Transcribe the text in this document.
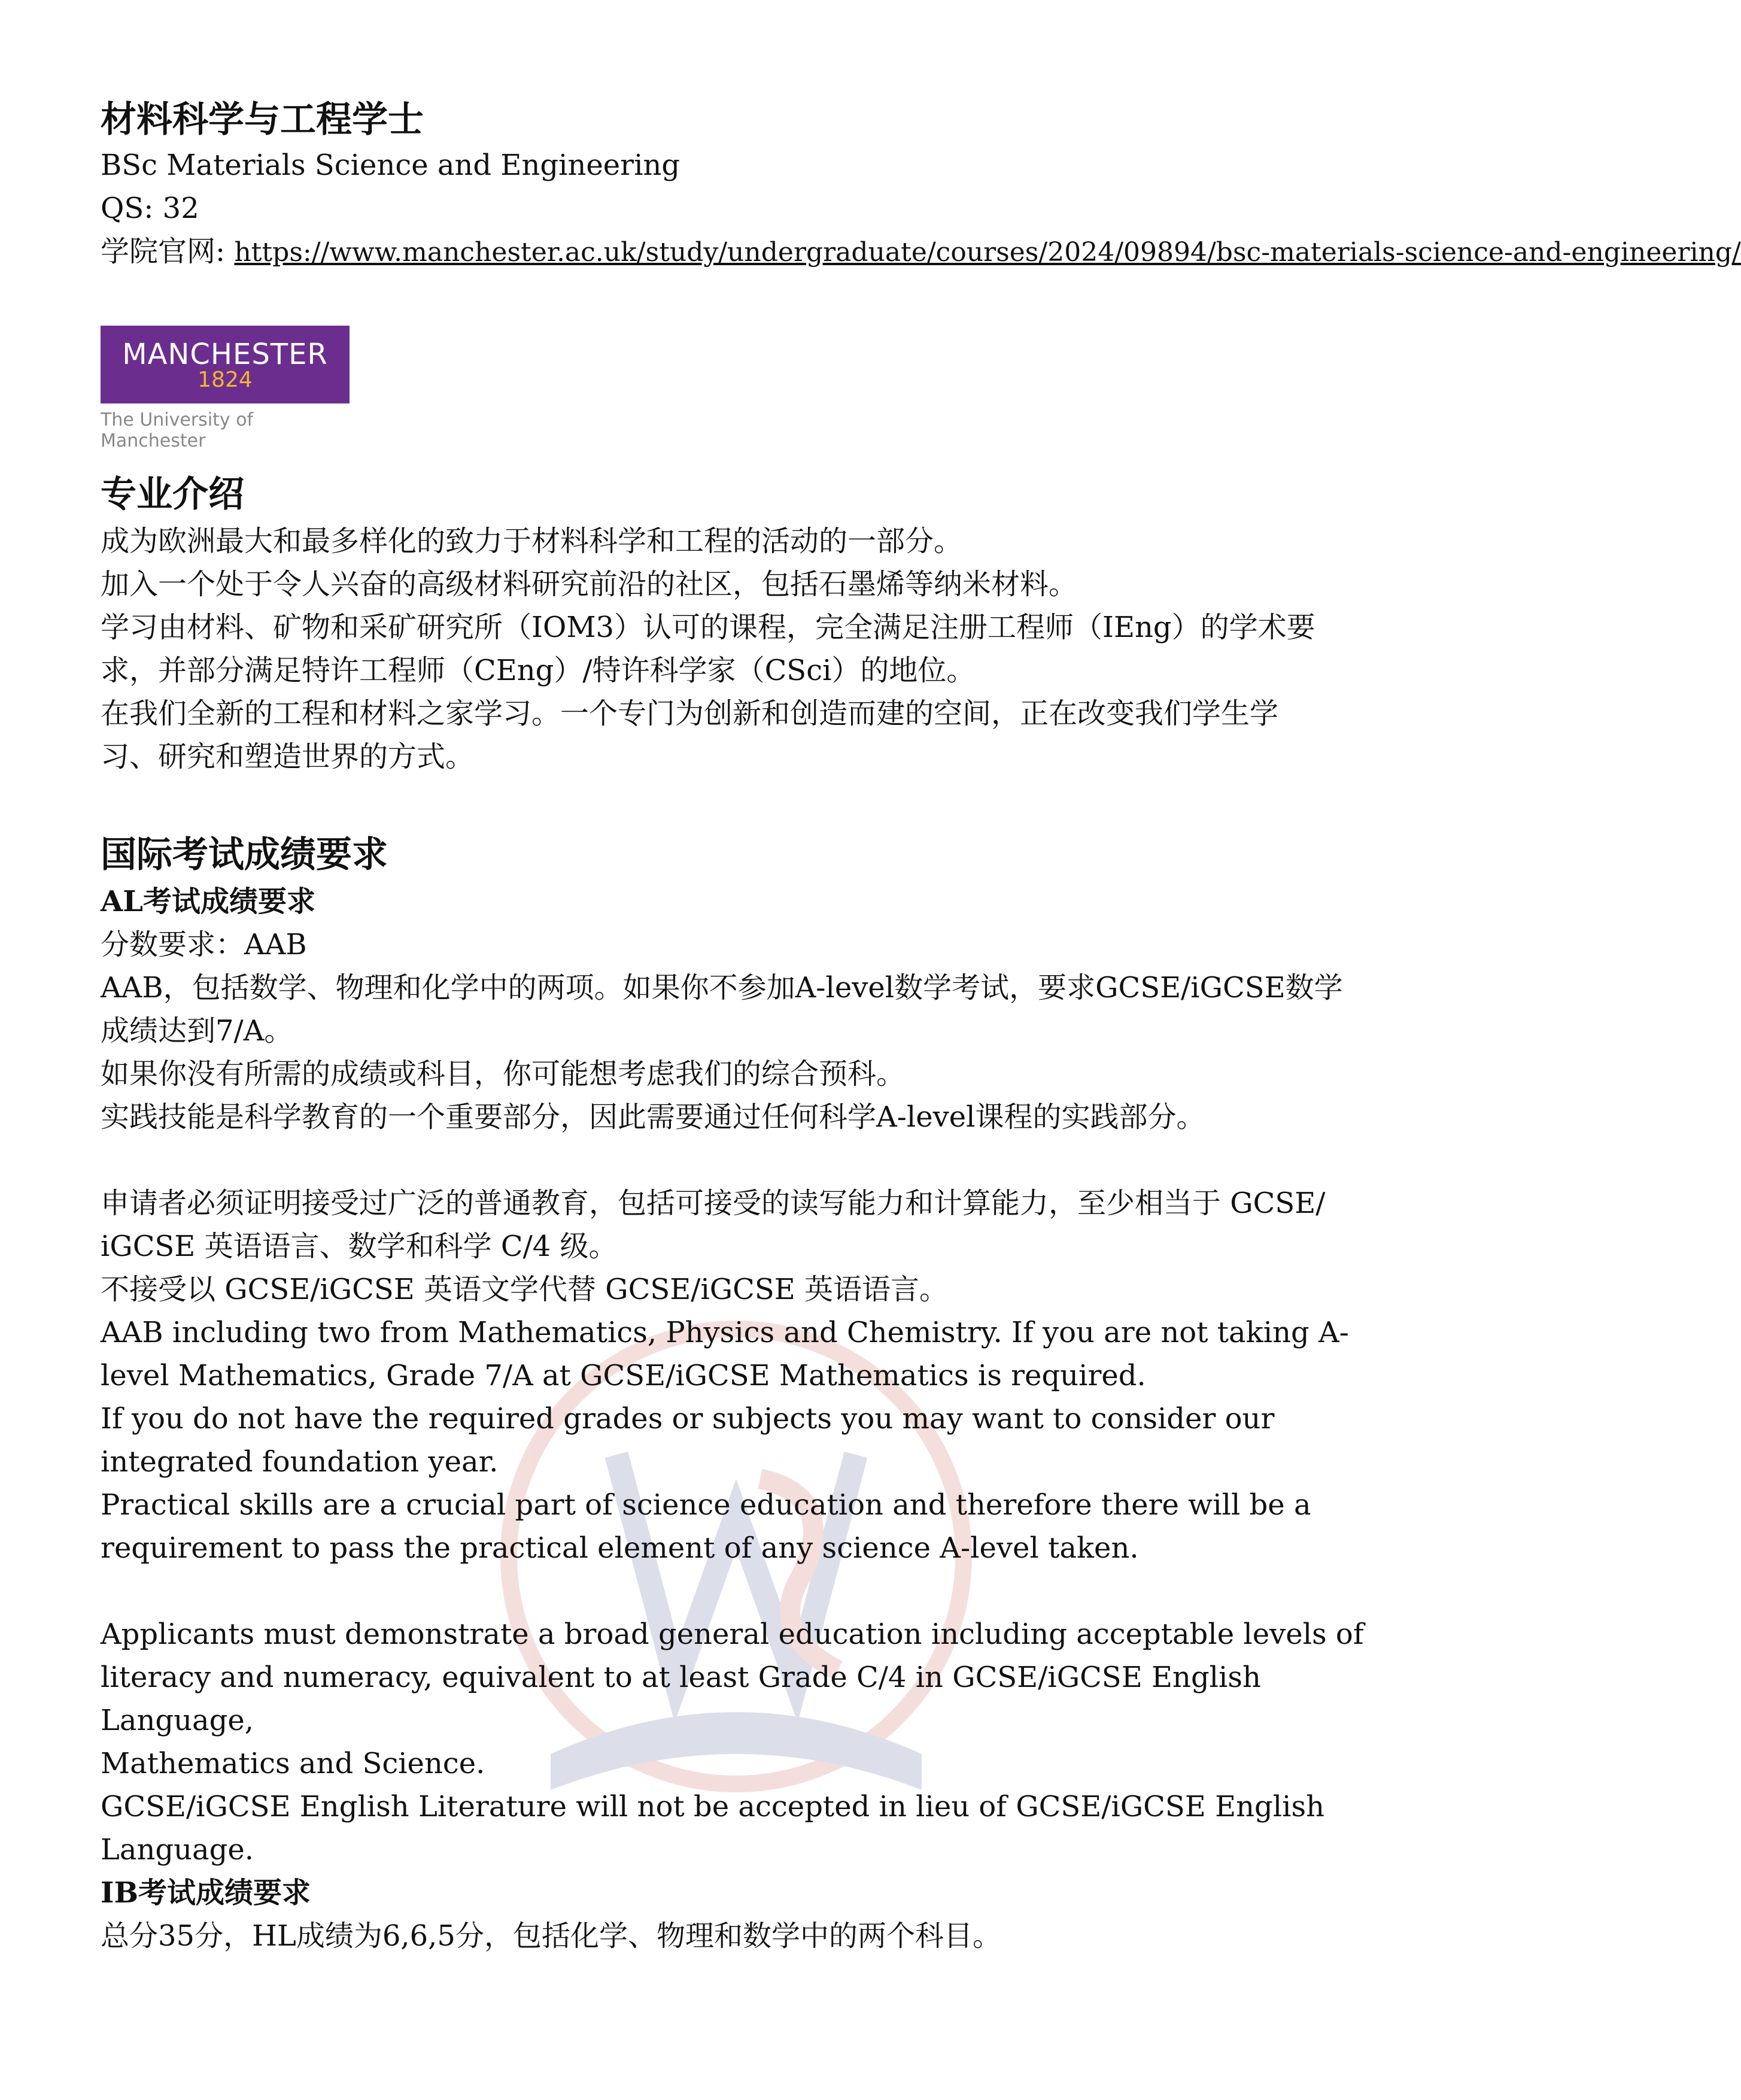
材料科学与工程学士

BSc Materials Science and Engineering

QS: 32

学院官网: https://www.manchester.ac.uk/study/undergraduate/courses/2024/09894/bsc-materials-science-and-engineering/
MANCHESTER
1824
The University of Manchester
专业介绍

成为欧洲最大和最多样化的致力于材料科学和工程的活动的一部分。

加入一个处于令人兴奋的高级材料研究前沿的社区，包括石墨烯等纳米材料。

学习由材料、矿物和采矿研究所（IOM3）认可的课程，完全满足注册工程师（IEng）的学术要

求，并部分满足特许工程师（CEng）/特许科学家（CSci）的地位。

在我们全新的工程和材料之家学习。一个专门为创新和创造而建的空间，正在改变我们学生学

习、研究和塑造世界的方式。

国际考试成绩要求

AL考试成绩要求

分数要求：AAB

AAB，包括数学、物理和化学中的两项。如果你不参加A-level数学考试，要求GCSE/iGCSE数学

成绩达到7/A。

如果你没有所需的成绩或科目，你可能想考虑我们的综合预科。

实践技能是科学教育的一个重要部分，因此需要通过任何科学A-level课程的实践部分。

申请者必须证明接受过广泛的普通教育，包括可接受的读写能力和计算能力，至少相当于 GCSE/

iGCSE 英语语言、数学和科学 C/4 级。

不接受以 GCSE/iGCSE 英语文学代替 GCSE/iGCSE 英语语言。

AAB including two from Mathematics, Physics and Chemistry. If you are not taking A-

level Mathematics, Grade 7/A at GCSE/iGCSE Mathematics is required.

If you do not have the required grades or subjects you may want to consider our

integrated foundation year.

Practical skills are a crucial part of science education and therefore there will be a

requirement to pass the practical element of any science A-level taken.

Applicants must demonstrate a broad general education including acceptable levels of

literacy and numeracy, equivalent to at least Grade C/4 in GCSE/iGCSE English Language,

Mathematics and Science.

GCSE/iGCSE English Literature will not be accepted in lieu of GCSE/iGCSE English

Language.

IB考试成绩要求

总分35分，HL成绩为6,6,5分，包括化学、物理和数学中的两个科目。
